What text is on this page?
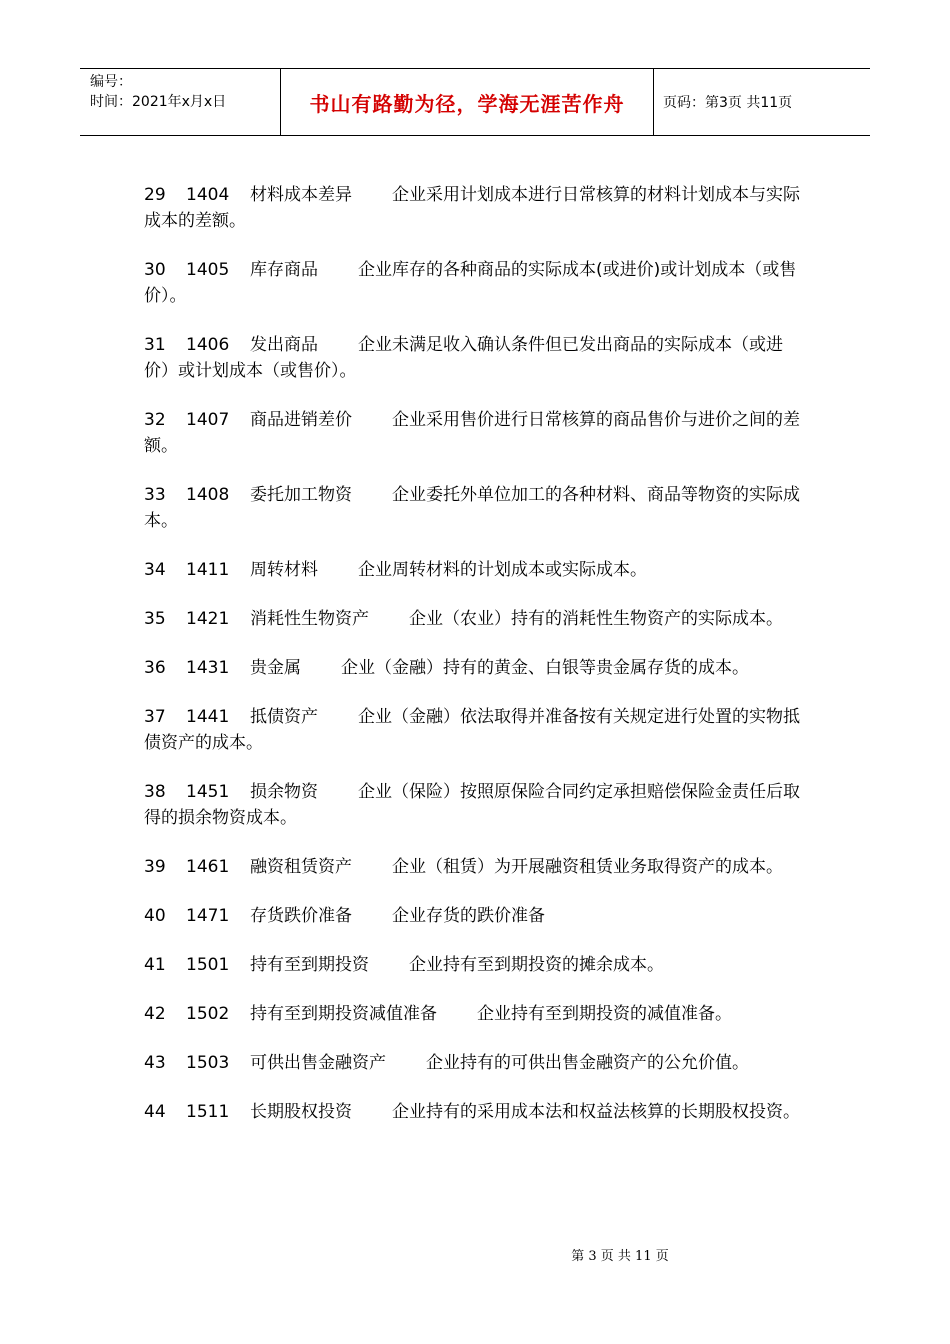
编号：
时间：2021年x月x日	书山有路勤为径，学海无涯苦作舟	页码：第3页 共11页
29 1404 材料成本差异 企业采用计划成本进行日常核算的材料计划成本与实际成本的差额。
30 1405 库存商品 企业库存的各种商品的实际成本(或进价)或计划成本（或售价）。
31 1406 发出商品 企业未满足收入确认条件但已发出商品的实际成本（或进价）或计划成本（或售价）。
32 1407 商品进销差价 企业采用售价进行日常核算的商品售价与进价之间的差额。
33 1408 委托加工物资 企业委托外单位加工的各种材料、商品等物资的实际成本。
34 1411 周转材料 企业周转材料的计划成本或实际成本。
35 1421 消耗性生物资产 企业（农业）持有的消耗性生物资产的实际成本。
36 1431 贵金属 企业（金融）持有的黄金、白银等贵金属存货的成本。
37 1441 抵债资产 企业（金融）依法取得并准备按有关规定进行处置的实物抵债资产的成本。
38 1451 损余物资 企业（保险）按照原保险合同约定承担赔偿保险金责任后取得的损余物资成本。
39 1461 融资租赁资产 企业（租赁）为开展融资租赁业务取得资产的成本。
40 1471 存货跌价准备 企业存货的跌价准备
41 1501 持有至到期投资 企业持有至到期投资的摊余成本。
42 1502 持有至到期投资减值准备 企业持有至到期投资的减值准备。
43 1503 可供出售金融资产 企业持有的可供出售金融资产的公允价值。
44 1511 长期股权投资 企业持有的采用成本法和权益法核算的长期股权投资。
第 3 页 共 11 页
